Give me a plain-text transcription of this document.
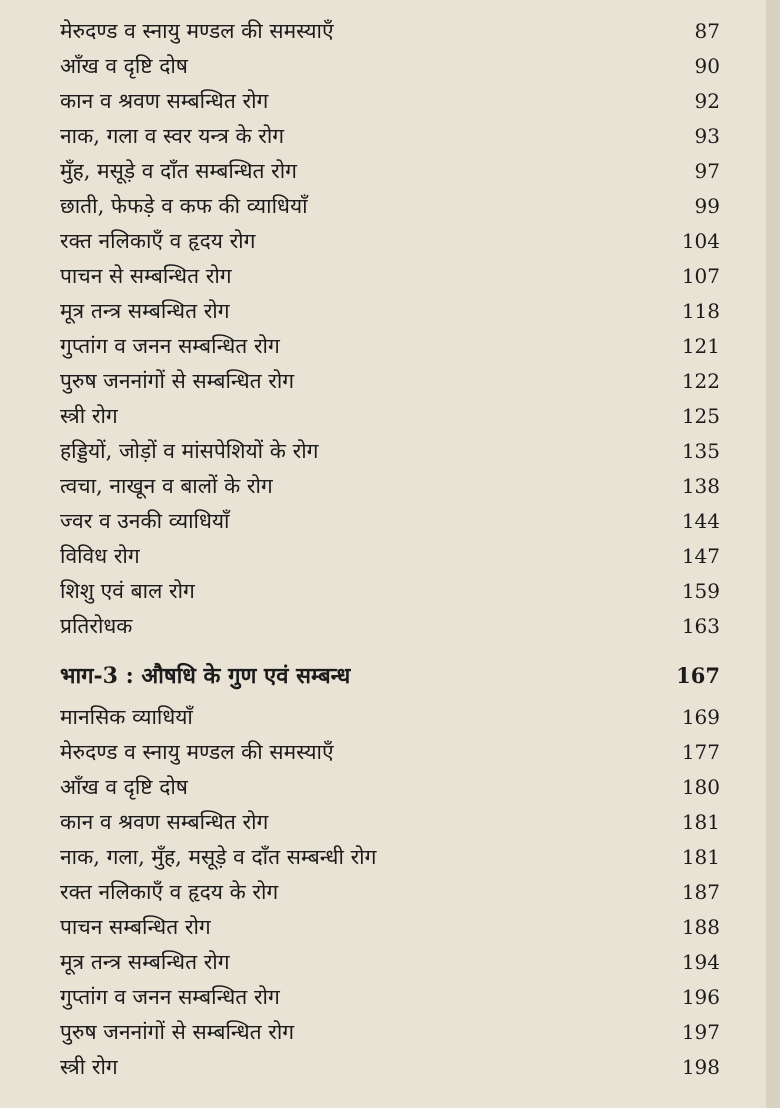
मेरुदण्ड व स्नायु मण्डल की समस्याएँ	87
आँख व दृष्टि दोष	90
कान व श्रवण सम्बन्धित रोग	92
नाक, गला व स्वर यन्त्र के रोग	93
मुँह, मसूड़े व दाँत सम्बन्धित रोग	97
छाती, फेफड़े व कफ की व्याधियाँ	99
रक्त नलिकाएँ व हृदय रोग	104
पाचन से सम्बन्धित रोग	107
मूत्र तन्त्र सम्बन्धित रोग	118
गुप्तांग व जनन सम्बन्धित रोग	121
पुरुष जननांगों से सम्बन्धित रोग	122
स्त्री रोग	125
हड्डियों, जोड़ों व मांसपेशियों के रोग	135
त्वचा, नाखून व बालों के रोग	138
ज्वर व उनकी व्याधियाँ	144
विविध रोग	147
शिशु एवं बाल रोग	159
प्रतिरोधक	163
भाग-3 : औषधि के गुण एवं सम्बन्ध	167
मानसिक व्याधियाँ	169
मेरुदण्ड व स्नायु मण्डल की समस्याएँ	177
आँख व दृष्टि दोष	180
कान व श्रवण सम्बन्धित रोग	181
नाक, गला, मुँह, मसूड़े व दाँत सम्बन्धी रोग	181
रक्त नलिकाएँ व हृदय के रोग	187
पाचन सम्बन्धित रोग	188
मूत्र तन्त्र सम्बन्धित रोग	194
गुप्तांग व जनन सम्बन्धित रोग	196
पुरुष जननांगों से सम्बन्धित रोग	197
स्त्री रोग	198
